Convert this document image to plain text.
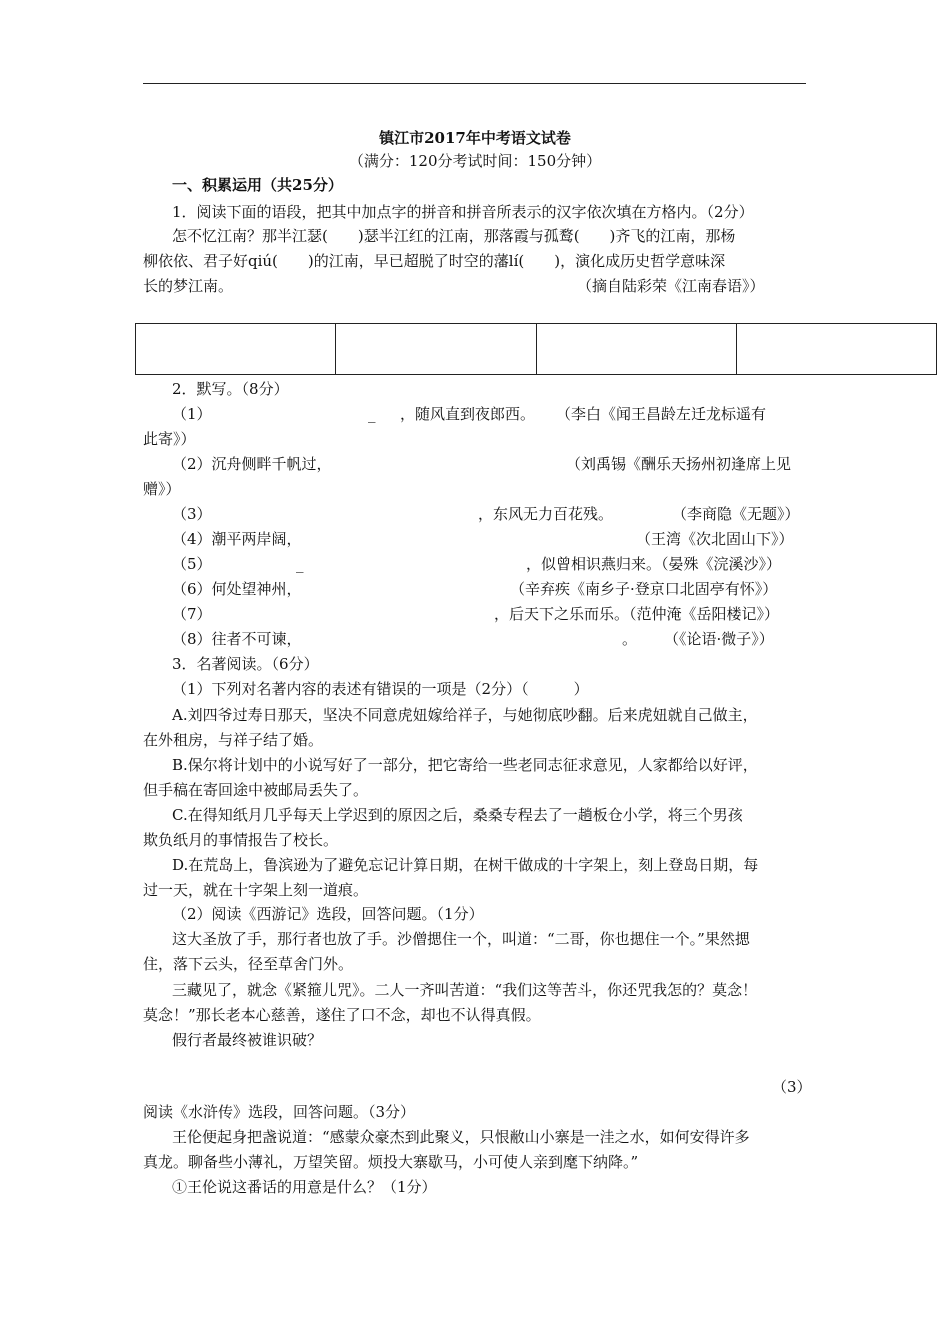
镇江市2017年中考语文试卷
（满分：120分考试时间：150分钟）
一、积累运用（共25分）
1．阅读下面的语段，把其中加点字的拼音和拼音所表示的汉字依次填在方格内。（2分）
怎不忆江南？那半江瑟(　　)瑟半江红的江南，那落霞与孤鹜(　　)齐飞的江南，那杨
柳依依、君子好qiú(　　)的江南，早已超脱了时空的藩lí(　　)，演化成历史哲学意味深
长的梦江南。	（摘自陆彩荣《江南春语》）

2．默写。（8分）
（1）	_ ，随风直到夜郎西。 （李白《闻王昌龄左迁龙标遥有
此寄》）
（2）沉舟侧畔千帆过，	（刘禹锡《酬乐天扬州初逢席上见
赠》）
（3）	，东风无力百花残。	（李商隐《无题》）
（4）潮平两岸阔，	（王湾《次北固山下》）
（5）	_	，似曾相识燕归来。（晏殊《浣溪沙》）
（6）何处望神州，	（辛弃疾《南乡子·登京口北固亭有怀》）
（7）	，后天下之乐而乐。（范仲淹《岳阳楼记》）
（8）往者不可谏，	。 （《论语·微子》）
3．名著阅读。（6分）
（1）下列对名著内容的表述有错误的一项是（2分）（　　　）
A.刘四爷过寿日那天，坚决不同意虎妞嫁给祥子，与她彻底吵翻。后来虎妞就自己做主，
在外租房，与祥子结了婚。
B.保尔将计划中的小说写好了一部分，把它寄给一些老同志征求意见，人家都给以好评，
但手稿在寄回途中被邮局丢失了。
C.在得知纸月几乎每天上学迟到的原因之后，桑桑专程去了一趟板仓小学，将三个男孩
欺负纸月的事情报告了校长。
D.在荒岛上，鲁滨逊为了避免忘记计算日期，在树干做成的十字架上，刻上登岛日期，每
过一天，就在十字架上刻一道痕。
（2）阅读《西游记》选段，回答问题。（1分）
这大圣放了手，那行者也放了手。沙僧揌住一个，叫道：“二哥，你也揌住一个。”果然揌
住，落下云头，径至草舍门外。
三藏见了，就念《紧箍儿咒》。二人一齐叫苦道：“我们这等苦斗，你还咒我怎的？莫念！
莫念！”那长老本心慈善，遂住了口不念，却也不认得真假。
假行者最终被谁识破？
（3）
阅读《水浒传》选段，回答问题。（3分）
王伦便起身把盏说道：“感蒙众豪杰到此聚义，只恨敝山小寨是一洼之水，如何安得许多
真龙。聊备些小薄礼，万望笑留。烦投大寨歇马，小可使人亲到麾下纳降。”
①王伦说这番话的用意是什么？（1分）
